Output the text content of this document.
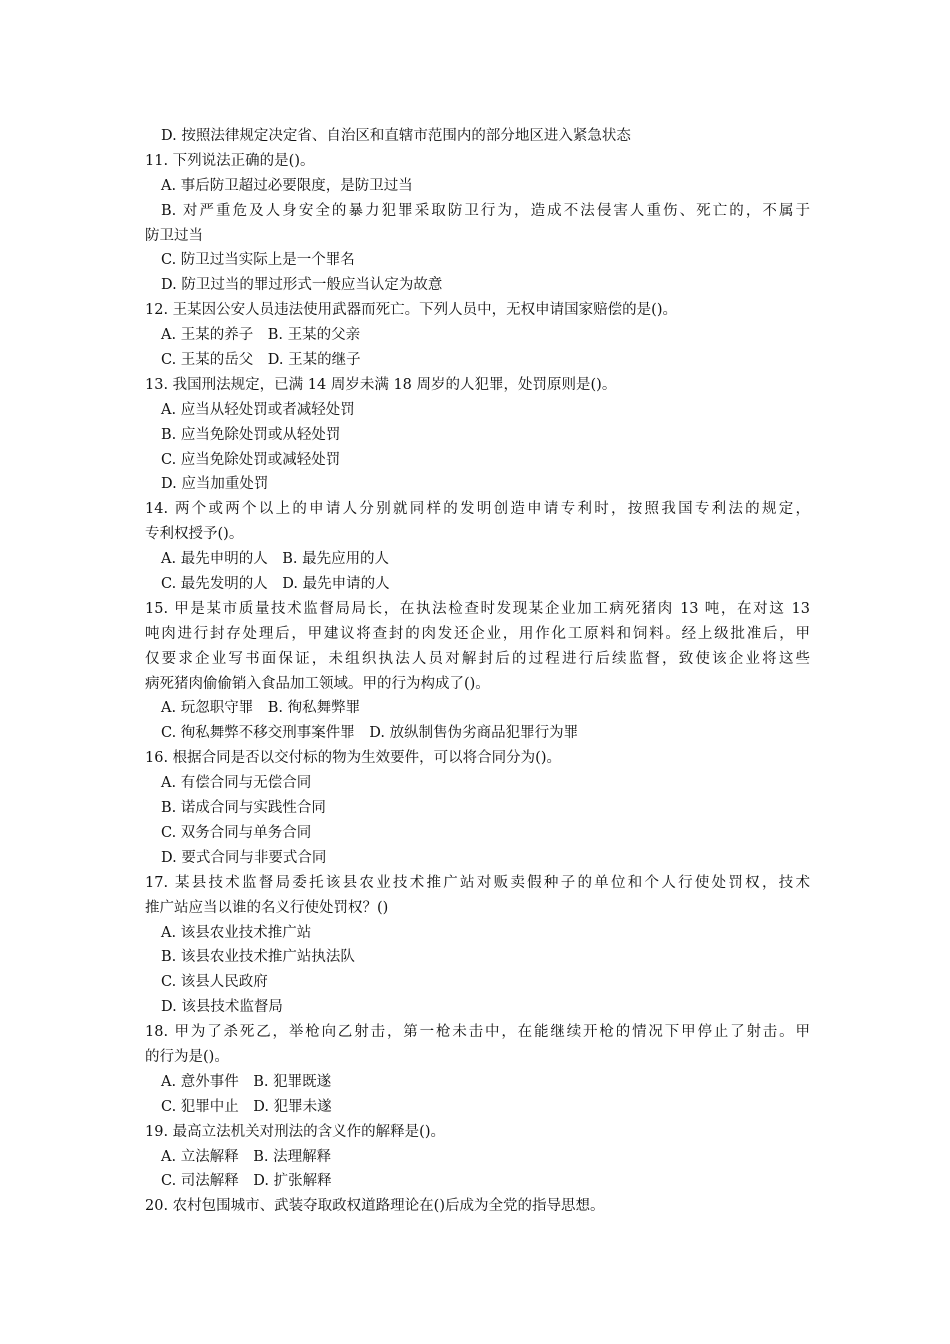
D. 按照法律规定决定省、自治区和直辖市范围内的部分地区进入紧急状态
11. 下列说法正确的是()。
A. 事后防卫超过必要限度，是防卫过当
B. 对严重危及人身安全的暴力犯罪采取防卫行为，造成不法侵害人重伤、死亡的，不属于
防卫过当
C. 防卫过当实际上是一个罪名
D. 防卫过当的罪过形式一般应当认定为故意
12. 王某因公安人员违法使用武器而死亡。下列人员中，无权申请国家赔偿的是()。
A. 王某的养子　B. 王某的父亲
C. 王某的岳父　D. 王某的继子
13. 我国刑法规定，已满 14 周岁未满 18 周岁的人犯罪，处罚原则是()。
A. 应当从轻处罚或者减轻处罚
B. 应当免除处罚或从轻处罚
C. 应当免除处罚或减轻处罚
D. 应当加重处罚
14. 两个或两个以上的申请人分别就同样的发明创造申请专利时，按照我国专利法的规定，
专利权授予()。
A. 最先申明的人　B. 最先应用的人
C. 最先发明的人　D. 最先申请的人
15. 甲是某市质量技术监督局局长，在执法检查时发现某企业加工病死猪肉 13 吨，在对这 13
吨肉进行封存处理后，甲建议将查封的肉发还企业，用作化工原料和饲料。经上级批准后，甲
仅要求企业写书面保证，未组织执法人员对解封后的过程进行后续监督，致使该企业将这些
病死猪肉偷偷销入食品加工领域。甲的行为构成了()。
A. 玩忽职守罪　B. 徇私舞弊罪
C. 徇私舞弊不移交刑事案件罪　D. 放纵制售伪劣商品犯罪行为罪
16. 根据合同是否以交付标的物为生效要件，可以将合同分为()。
A. 有偿合同与无偿合同
B. 诺成合同与实践性合同
C. 双务合同与单务合同
D. 要式合同与非要式合同
17. 某县技术监督局委托该县农业技术推广站对贩卖假种子的单位和个人行使处罚权，技术
推广站应当以谁的名义行使处罚权？()
A. 该县农业技术推广站
B. 该县农业技术推广站执法队
C. 该县人民政府
D. 该县技术监督局
18. 甲为了杀死乙，举枪向乙射击，第一枪未击中，在能继续开枪的情况下甲停止了射击。甲
的行为是()。
A. 意外事件　B. 犯罪既遂
C. 犯罪中止　D. 犯罪未遂
19. 最高立法机关对刑法的含义作的解释是()。
A. 立法解释　B. 法理解释
C. 司法解释　D. 扩张解释
20. 农村包围城市、武装夺取政权道路理论在()后成为全党的指导思想。
